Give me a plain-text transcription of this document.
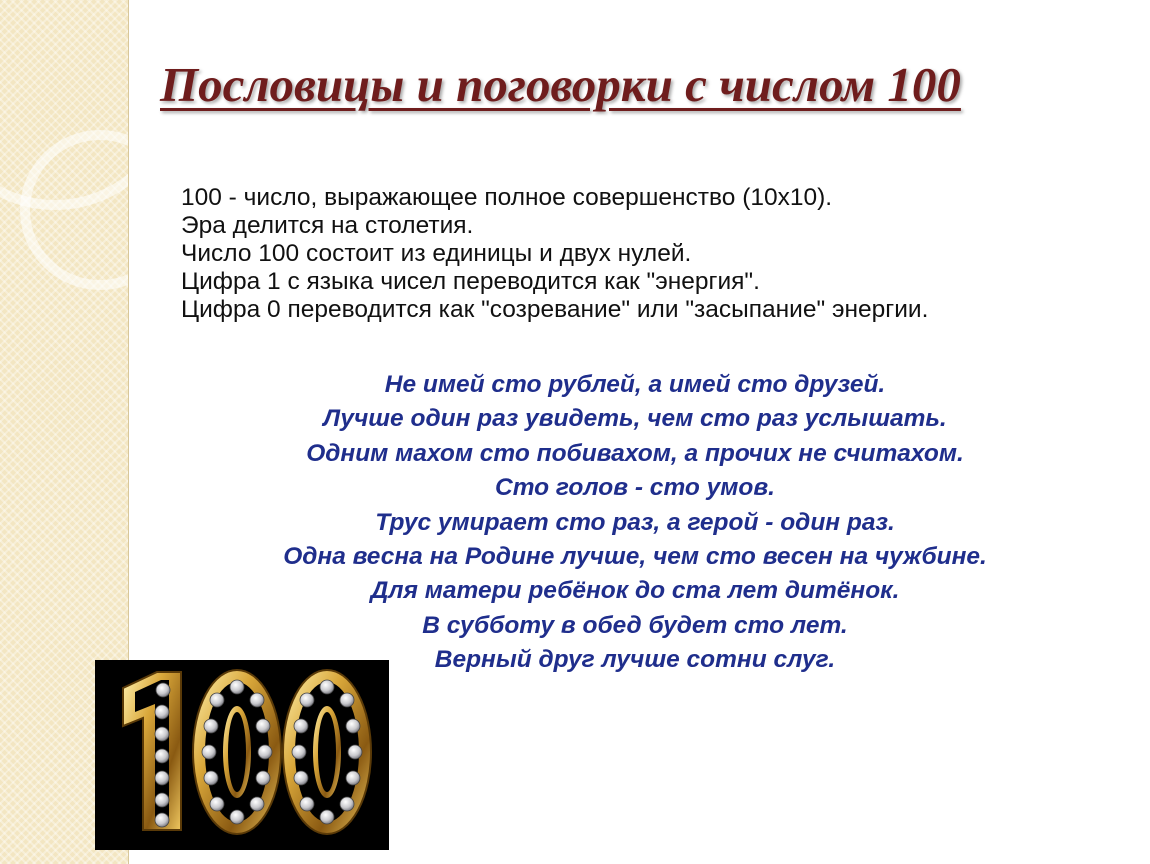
Пословицы и поговорки с числом 100
100 - число, выражающее полное совершенство (10х10).
Эра делится на столетия.
Число 100 состоит из единицы и двух нулей.
Цифра 1 с языка чисел переводится как "энергия".
Цифра 0 переводится как "созревание" или "засыпание" энергии.
Не имей сто рублей, а имей сто друзей.
Лучше один раз увидеть, чем сто раз услышать.
Одним махом сто побивахом, а прочих не считахом.
Сто голов - сто умов.
Трус умирает сто раз, а герой - один раз.
Одна весна на Родине лучше, чем сто весен на чужбине.
Для матери ребёнок до ста лет дитёнок.
В субботу в обед будет сто лет.
Верный друг лучше сотни слуг.
